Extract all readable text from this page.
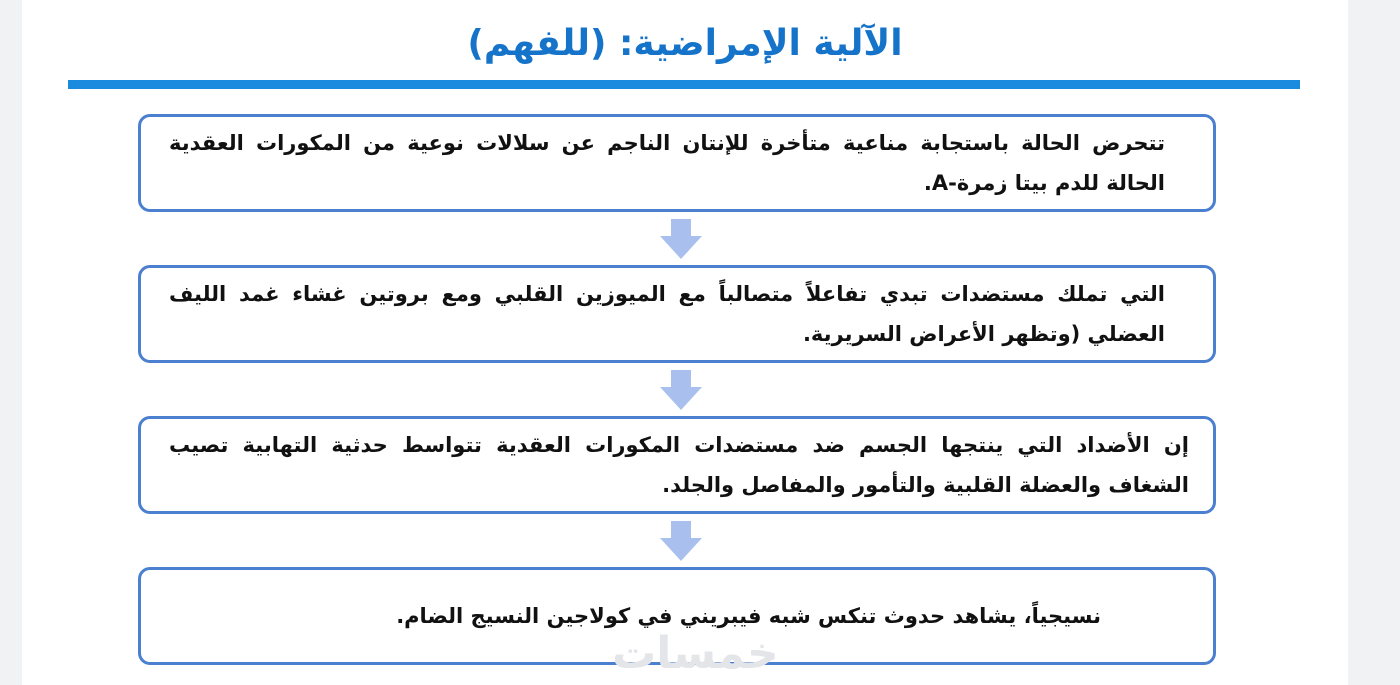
الآلية الإمراضية: (للفهم)

تتحرض الحالة باستجابة مناعية متأخرة للإنتان الناجم عن سلالات نوعية من المكورات العقدية الحالة للدم بيتا زمرة-A.

التي تملك مستضدات تبدي تفاعلاً متصالباً مع الميوزين القلبي ومع بروتين غشاء غمد الليف العضلي (وتظهر الأعراض السريرية.

إن الأضداد التي ينتجها الجسم ضد مستضدات المكورات العقدية تتواسط حدثية التهابية تصيب الشغاف والعضلة القلبية والتأمور والمفاصل والجلد.

نسيجياً، يشاهد حدوث تنكس شبه فيبريني في كولاجين النسيج الضام.

خمسات
